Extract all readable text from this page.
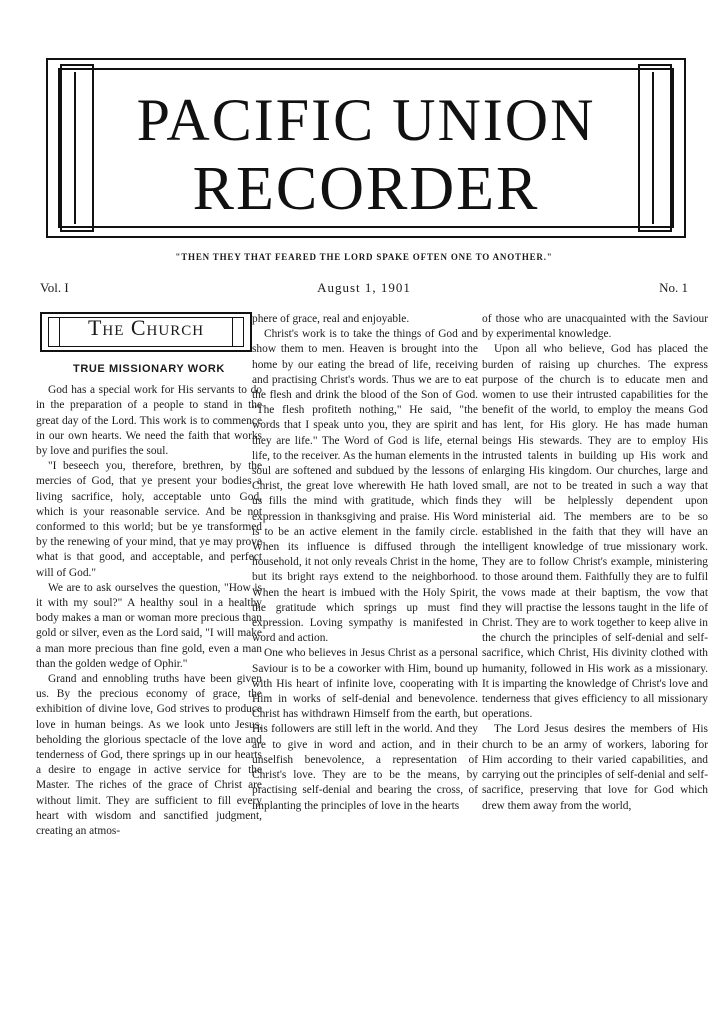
PACIFIC UNION
RECORDER
"THEN THEY THAT FEARED THE LORD SPAKE OFTEN ONE TO ANOTHER."
Vol. I	August 1, 1901	No. 1
The Church
TRUE MISSIONARY WORK

God has a special work for His servants to do in the preparation of a people to stand in the great day of the Lord. This work is to commence in our own hearts. We need the faith that works by love and purifies the soul.

"I beseech you, therefore, brethren, by the mercies of God, that ye present your bodies a living sacrifice, holy, acceptable unto God, which is your reasonable service. And be not conformed to this world; but be ye transformed by the renewing of your mind, that ye may prove what is that good, and acceptable, and perfect will of God."

We are to ask ourselves the question, "How is it with my soul?" A healthy soul in a healthy body makes a man or woman more precious than gold or silver, even as the Lord said, "I will make a man more precious than fine gold, even a man than the golden wedge of Ophir."

Grand and ennobling truths have been given us. By the precious economy of grace, the exhibition of divine love, God strives to produce love in human beings. As we look unto Jesus, beholding the glorious spectacle of the love and tenderness of God, there springs up in our hearts a desire to engage in active service for the Master. The riches of the grace of Christ are without limit. They are sufficient to fill every heart with wisdom and sanctified judgment, creating an atmos-

phere of grace, real and enjoyable.

Christ's work is to take the things of God and show them to men. Heaven is brought into the home by our eating the bread of life, receiving and practising Christ's words. Thus we are to eat the flesh and drink the blood of the Son of God. "The flesh profiteth nothing," He said, "the words that I speak unto you, they are spirit and they are life." The Word of God is life, eternal life, to the receiver. As the human elements in the soul are softened and subdued by the lessons of Christ, the great love wherewith He hath loved us fills the mind with gratitude, which finds expression in thanksgiving and praise. His Word is to be an active element in the family circle. When its influence is diffused through the household, it not only reveals Christ in the home, but its bright rays extend to the neighborhood. When the heart is imbued with the Holy Spirit, the gratitude which springs up must find expression. Loving sympathy is manifested in word and action.

One who believes in Jesus Christ as a personal Saviour is to be a coworker with Him, bound up with His heart of infinite love, cooperating with Him in works of self-denial and benevolence. Christ has withdrawn Himself from the earth, but His followers are still left in the world. And they are to give in word and action, and in their unselfish benevolence, a representation of Christ's love. They are to be the means, by practising self-denial and bearing the cross, of implanting the principles of love in the hearts

of those who are unacquainted with the Saviour by experimental knowledge.

Upon all who believe, God has placed the burden of raising up churches. The express purpose of the church is to educate men and women to use their intrusted capabilities for the benefit of the world, to employ the means God has lent, for His glory. He has made human beings His stewards. They are to employ His intrusted talents in building up His work and enlarging His kingdom. Our churches, large and small, are not to be treated in such a way that they will be helplessly dependent upon ministerial aid. The members are to be so established in the faith that they will have an intelligent knowledge of true missionary work. They are to follow Christ's example, ministering to those around them. Faithfully they are to fulfil the vows made at their baptism, the vow that they will practise the lessons taught in the life of Christ. They are to work together to keep alive in the church the principles of self-denial and self-sacrifice, which Christ, His divinity clothed with humanity, followed in His work as a missionary. It is imparting the knowledge of Christ's love and tenderness that gives efficiency to all missionary operations.

The Lord Jesus desires the members of His church to be an army of workers, laboring for Him according to their varied capabilities, and carrying out the principles of self-denial and self-sacrifice, preserving that love for God which drew them away from the world,
